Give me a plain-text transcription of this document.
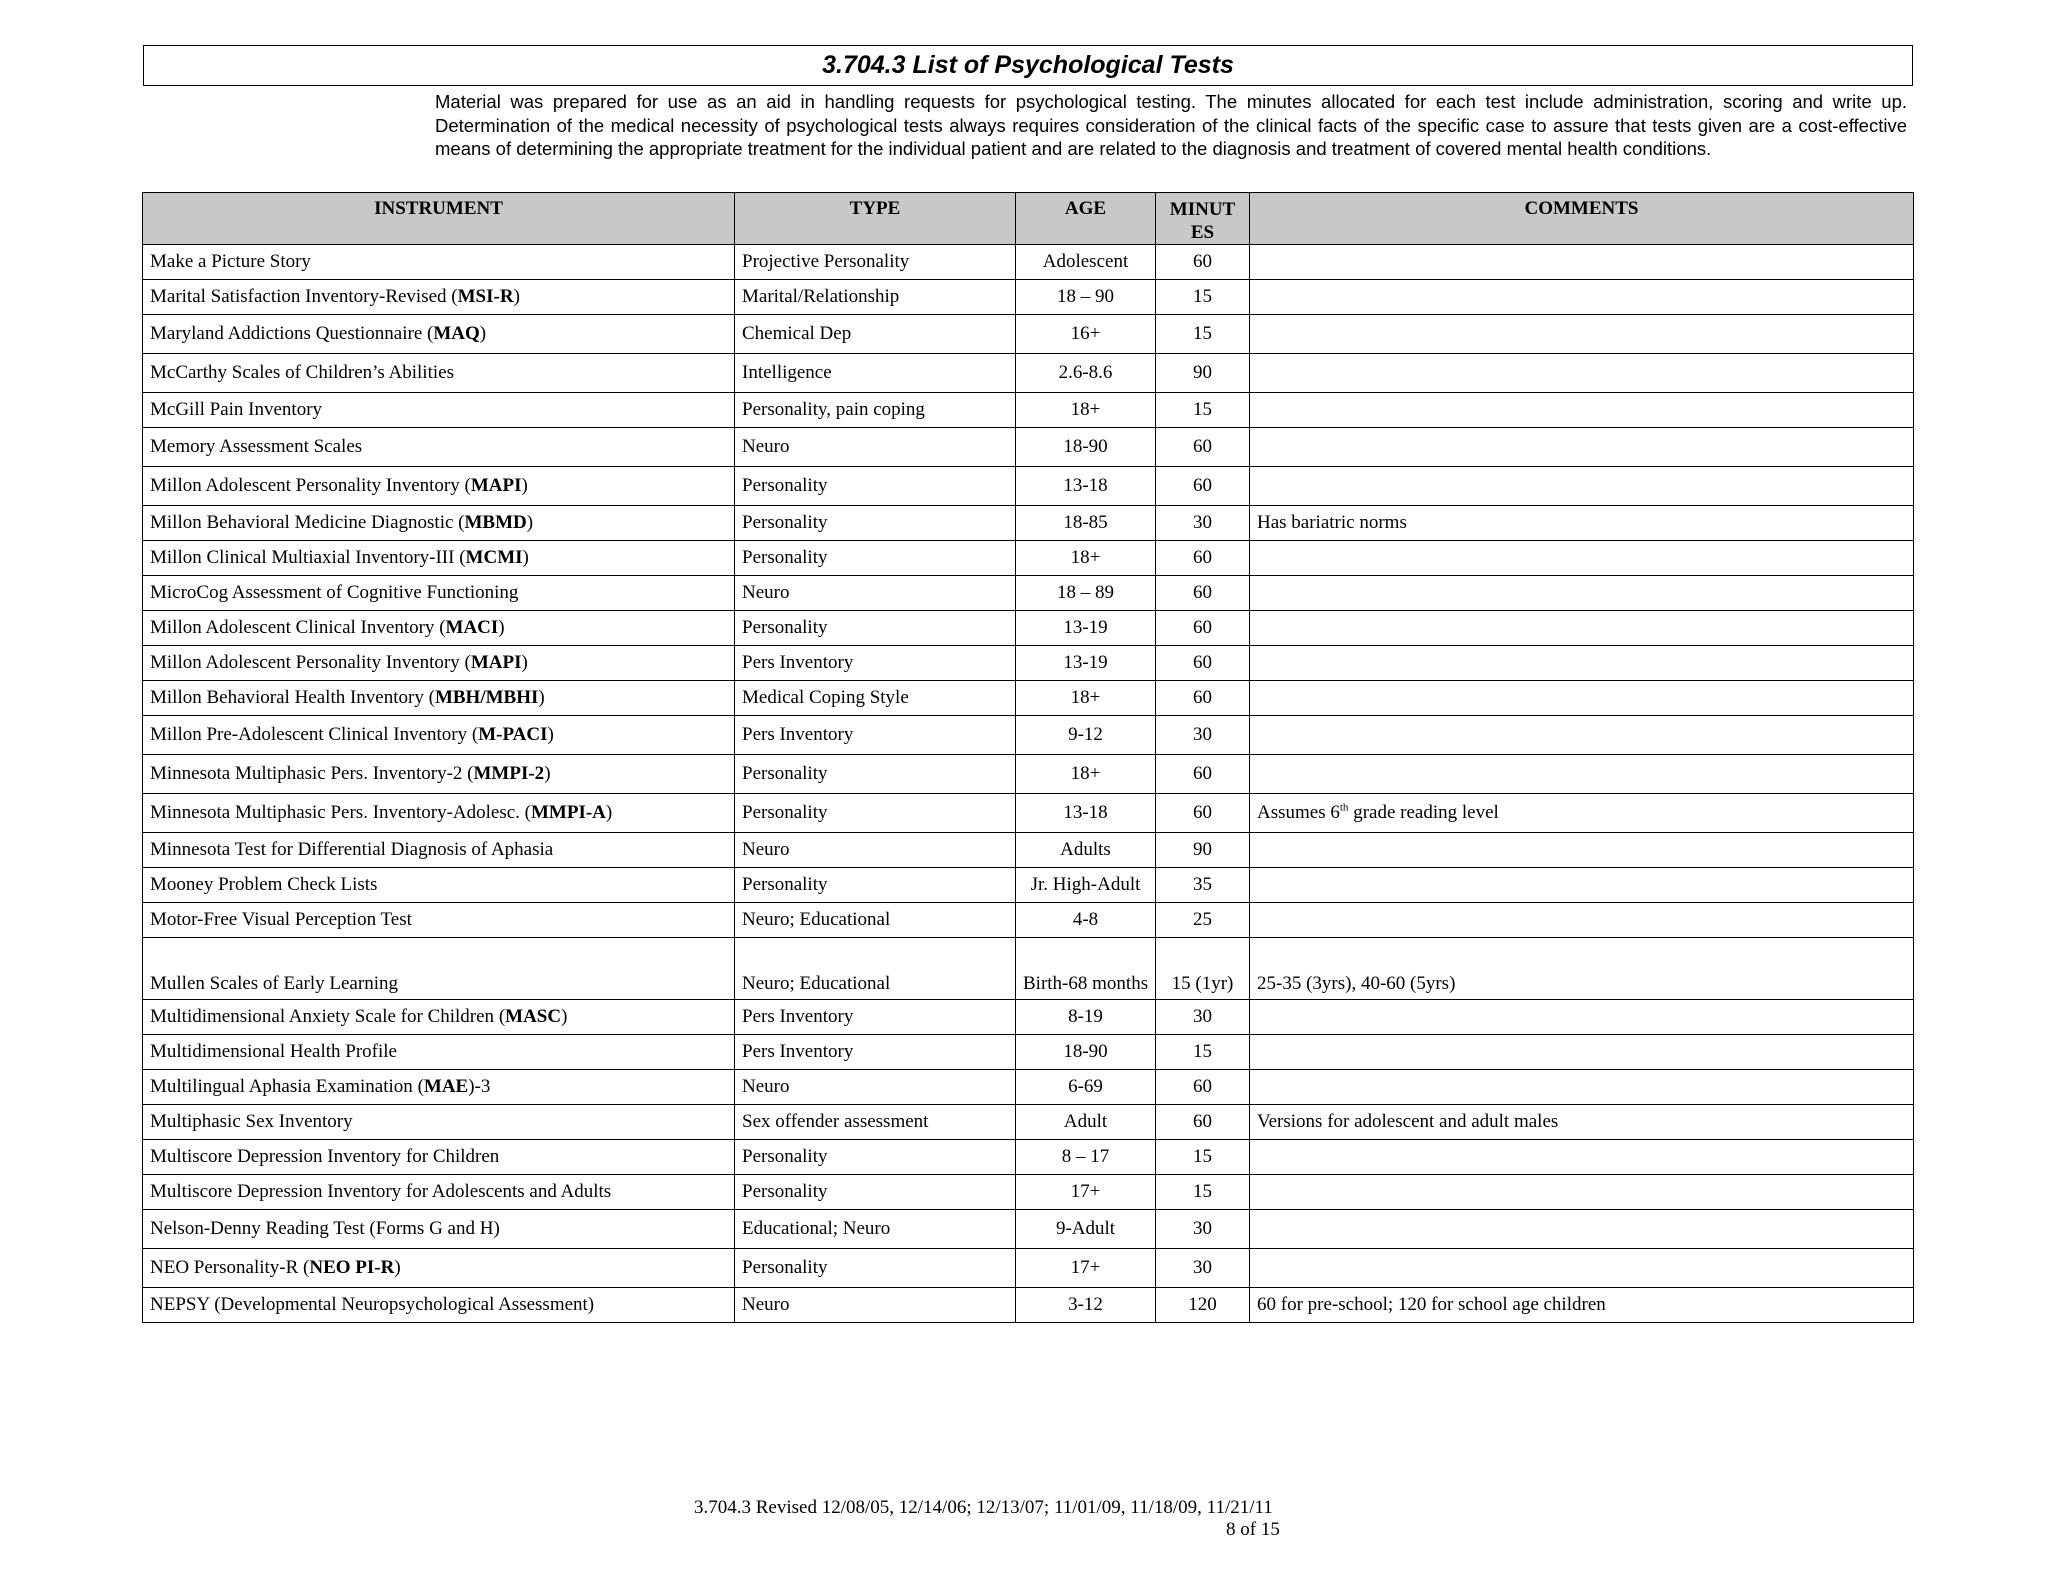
3.704.3 List of Psychological Tests

Material was prepared for use as an aid in handling requests for psychological testing. The minutes allocated for each test include administration, scoring and write up. Determination of the medical necessity of psychological tests always requires consideration of the clinical facts of the specific case to assure that tests given are a cost-effective means of determining the appropriate treatment for the individual patient and are related to the diagnosis and treatment of covered mental health conditions.

INSTRUMENT	TYPE	AGE	MINUT ES	COMMENTS
Make a Picture Story	Projective Personality	Adolescent	60	
Marital Satisfaction Inventory-Revised (MSI-R)	Marital/Relationship	18 – 90	15	
Maryland Addictions Questionnaire (MAQ)	Chemical Dep	16+	15	
McCarthy Scales of Children’s Abilities	Intelligence	2.6-8.6	90	
McGill Pain Inventory	Personality, pain coping	18+	15	
Memory Assessment Scales	Neuro	18-90	60	
Millon Adolescent Personality Inventory (MAPI)	Personality	13-18	60	
Millon Behavioral Medicine Diagnostic (MBMD)	Personality	18-85	30	Has bariatric norms
Millon Clinical Multiaxial Inventory-III (MCMI)	Personality	18+	60	
MicroCog Assessment of Cognitive Functioning	Neuro	18 – 89	60	
Millon Adolescent Clinical Inventory (MACI)	Personality	13-19	60	
Millon Adolescent Personality Inventory (MAPI)	Pers Inventory	13-19	60	
Millon Behavioral Health Inventory (MBH/MBHI)	Medical Coping Style	18+	60	
Millon Pre-Adolescent Clinical Inventory (M-PACI)	Pers Inventory	9-12	30	
Minnesota Multiphasic Pers. Inventory-2 (MMPI-2)	Personality	18+	60	
Minnesota Multiphasic Pers. Inventory-Adolesc. (MMPI-A)	Personality	13-18	60	Assumes 6th grade reading level
Minnesota Test for Differential Diagnosis of Aphasia	Neuro	Adults	90	
Mooney Problem Check Lists	Personality	Jr. High-Adult	35	
Motor-Free Visual Perception Test	Neuro; Educational	4-8	25	
Mullen Scales of Early Learning	Neuro; Educational	Birth-68 months	15 (1yr)	25-35 (3yrs), 40-60 (5yrs)
Multidimensional Anxiety Scale for Children (MASC)	Pers Inventory	8-19	30	
Multidimensional Health Profile	Pers Inventory	18-90	15	
Multilingual Aphasia Examination (MAE)-3	Neuro	6-69	60	
Multiphasic Sex Inventory	Sex offender assessment	Adult	60	Versions for adolescent and adult males
Multiscore Depression Inventory for Children	Personality	8 – 17	15	
Multiscore Depression Inventory for Adolescents and Adults	Personality	17+	15	
Nelson-Denny Reading Test (Forms G and H)	Educational; Neuro	9-Adult	30	
NEO Personality-R (NEO PI-R)	Personality	17+	30	
NEPSY (Developmental Neuropsychological Assessment)	Neuro	3-12	120	60 for pre-school; 120 for school age children
3.704.3 Revised 12/08/05, 12/14/06; 12/13/07; 11/01/09, 11/18/09, 11/21/11
8 of 15
